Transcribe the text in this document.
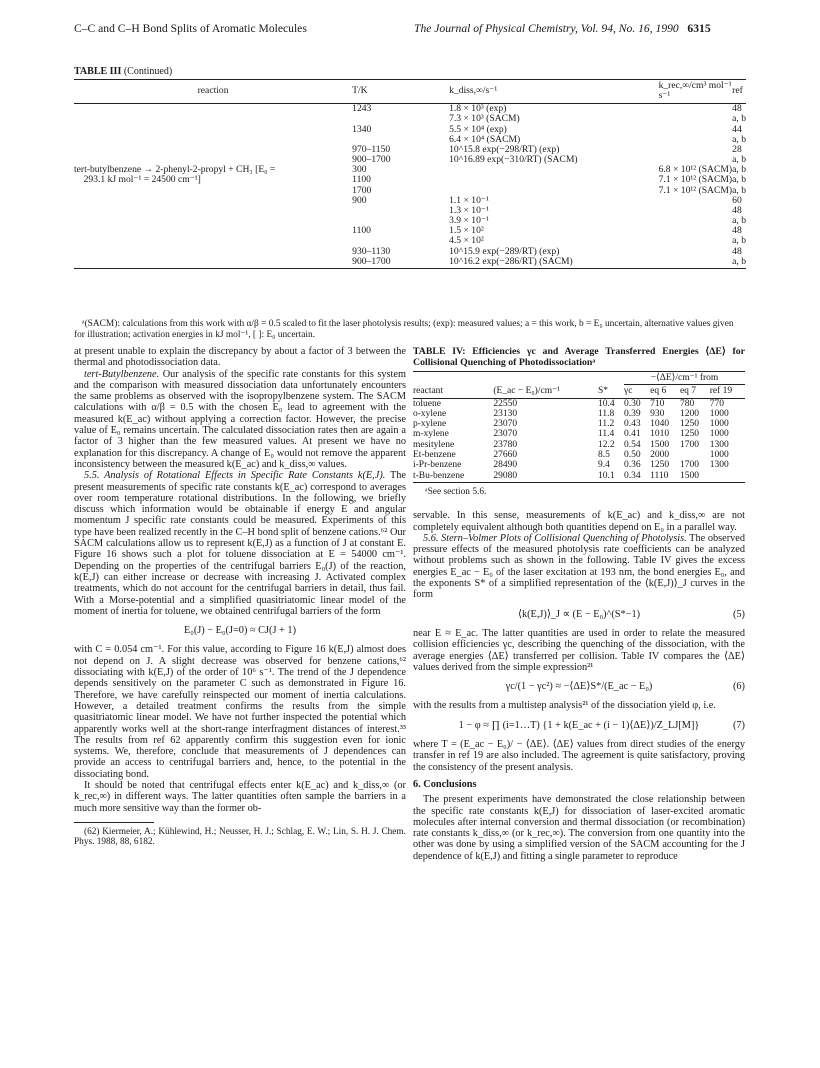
C–C and C–H Bond Splits of Aromatic Molecules	The Journal of Physical Chemistry, Vol. 94, No. 16, 1990 6315
TABLE III (Continued)
reaction	T/K	k_diss,∞/s⁻¹	k_rec,∞/cm³ mol⁻¹ s⁻¹	ref
	1243	1.8 × 10³ (exp)		48
		7.3 × 10³ (SACM)		a, b
	1340	5.5 × 10⁴ (exp)		44
		6.4 × 10⁴ (SACM)		a, b
	970–1150	10^15.8 exp(−298/RT) (exp)		28
	900–1700	10^16.89 exp(−310/RT) (SACM)		a, b
tert-butylbenzene → 2-phenyl-2-propyl + CH₃ [E₀ =	300		6.8 × 10¹² (SACM)	a, b
293.1 kJ mol⁻¹ = 24500 cm⁻¹]	1100		7.1 × 10¹² (SACM)	a, b
	1700		7.1 × 10¹² (SACM)	a, b
	900	1.1 × 10⁻¹		60
		1.3 × 10⁻¹		48
		3.9 × 10⁻¹		a, b
	1100	1.5 × 10²		48
		4.5 × 10²		a, b
	930–1130	10^15.9 exp(−289/RT) (exp)		48
	900–1700	10^16.2 exp(−286/RT) (SACM)		a, b
ᵃ(SACM): calculations from this work with α/β = 0.5 scaled to fit the laser photolysis results; (exp): measured values; a = this work, b = E₀ uncertain, alternative values given for illustration; activation energies in kJ mol⁻¹, [ ]: E₀ uncertain.

at present unable to explain the discrepancy by about a factor of 3 between the thermal and photodissociation data.

tert-Butylbenzene. Our analysis of the specific rate constants for this system and the comparison with measured dissociation data unfortunately encounters the same problems as observed with the isopropylbenzene system. The SACM calculations with α/β = 0.5 with the chosen E₀ lead to agreement with the measured k(E_ac) without applying a correction factor. However, the precise value of E₀ remains uncertain. The calculated dissociation rates then are again a factor of 3 higher than the few measured values. At present we have no explanation for this discrepancy. A change of E₀ would not remove the apparent inconsistency between the measured k(E_ac) and k_diss,∞ values.

5.5. Analysis of Rotational Effects in Specific Rate Constants k(E,J). The present measurements of specific rate constants k(E_ac) correspond to averages over room temperature rotational distributions. In the following, we briefly discuss which information would be obtainable if energy E and angular momentum J specific rate constants could be measured. Experiments of this type have been realized recently in the C–H bond split of benzene cations.⁶² Our SACM calculations allow us to represent k(E,J) as a function of J at constant E. Figure 16 shows such a plot for toluene dissociation at E = 54000 cm⁻¹. Depending on the properties of the centrifugal barriers E₀(J) of the reaction, k(E,J) can either increase or decrease with increasing J. Activated complex treatments, which do not account for the centrifugal barriers in detail, thus fail. With a Morse-potential and a simplified quasitriatomic linear model of the moment of inertia for toluene, we obtained centrifugal barriers of the form

E₀(J) − E₀(J=0) ≈ CJ(J + 1)

with C = 0.054 cm⁻¹. For this value, according to Figure 16 k(E,J) almost does not depend on J. A slight decrease was observed for benzene cations,⁶² dissociating with k(E,J) of the order of 10⁶ s⁻¹. The trend of the J dependence depends sensitively on the parameter C such as demonstrated in Figure 16. Therefore, we have carefully reinspected our moment of inertia calculations. However, a detailed treatment confirms the results from the simple quasitriatomic linear model. We have not further inspected the potential which apparently works well at the short-range interfragment distances of interest.³³ The results from ref 62 apparently confirm this suggestion even for ionic systems. We, therefore, conclude that measurements of J dependences can provide an access to centrifugal barriers and, hence, to the potential in the dissociating bond.

It should be noted that centrifugal effects enter k(E_ac) and k_diss,∞ (or k_rec,∞) in different ways. The latter quantities often sample the barriers in a much more sensitive way than the former ob-

(62) Kiermeier, A.; Kühlewind, H.; Neusser, H. J.; Schlag, E. W.; Lin, S. H. J. Chem. Phys. 1988, 88, 6182.
TABLE IV: Efficiencies γc and Average Transferred Energies ⟨ΔE⟩ for Collisional Quenching of Photodissociationᵃ
			−⟨ΔE⟩/cm⁻¹ from			
reactant	(E_ac − E₀)/cm⁻¹	S*	γc	eq 6	eq 7	ref 19
toluene	22550	10.4	0.30	710	780	770
o-xylene	23130	11.8	0.39	930	1200	1000
p-xylene	23070	11.2	0.43	1040	1250	1000
m-xylene	23070	11.4	0.41	1010	1250	1000
mesitylene	23780	12.2	0.54	1500	1700	1300
Et-benzene	27660	8.5	0.50	2000		1000
i-Pr-benzene	28490	9.4	0.36	1250	1700	1300
t-Bu-benzene	29080	10.1	0.34	1110	1500	
ᵃSee section 5.6.

servable. In this sense, measurements of k(E_ac) and k_diss,∞ are not completely equivalent although both quantities depend on E₀ in a parallel way.

5.6. Stern–Volmer Plots of Collisional Quenching of Photolysis. The observed pressure effects of the measured photolysis rate coefficients can be analyzed without problems such as shown in the following. Table IV gives the excess energies E_ac − E₀ of the laser excitation at 193 nm, the bond energies E₀, and the exponents S* of a simplified representation of the ⟨k(E,J)⟩_J curves in the form

⟨k(E,J)⟩_J ∝ (E − E₀)^(S*−1)	(5)

near E ≈ E_ac. The latter quantities are used in order to relate the measured collision efficiencies γc, describing the quenching of the dissociation, with the average energies ⟨ΔE⟩ transferred per collision. Table IV compares the ⟨ΔE⟩ values derived from the simple expression²¹

γc/(1 − γc²) ≈ −⟨ΔE⟩S*/(E_ac − E₀)	(6)

with the results from a multistep analysis²¹ of the dissociation yield φ, i.e.

1 − φ ≈ ∏ (i=1…T) {1 + k(E_ac + (i − 1)⟨ΔE⟩)/Z_LJ[M]}	(7)

where T = (E_ac − E₀)/ − ⟨ΔE⟩. ⟨ΔE⟩ values from direct studies of the energy transfer in ref 19 are also included. The agreement is quite satisfactory, proving the consistency of the present analysis.

6. Conclusions

The present experiments have demonstrated the close relationship between the specific rate constants k(E,J) for dissociation of laser-excited aromatic molecules after internal conversion and thermal dissociation (or recombination) rate constants k_diss,∞ (or k_rec,∞). The conversion from one quantity into the other was done by using a simplified version of the SACM accounting for the J dependence of k(E,J) and fitting a single parameter to reproduce
